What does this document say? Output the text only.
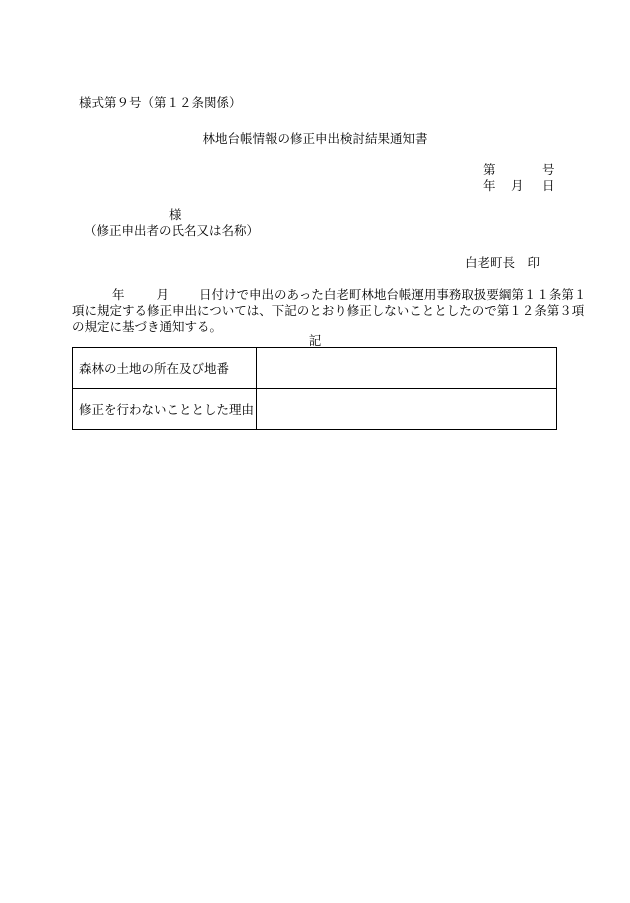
様式第９号（第１２条関係）
林地台帳情報の修正申出検討結果通知書
第	号
年 月 日
様
（修正申出者の氏名又は名称）
白老町長　印
年	月 日付けで申出のあった白老町林地台帳運用事務取扱要綱第１１条第１
項に規定する修正申出については、下記のとおり修正しないこととしたので第１２条第３項
の規定に基づき通知する。
記
森林の土地の所在及び地番	
修正を行わないこととした理由	
